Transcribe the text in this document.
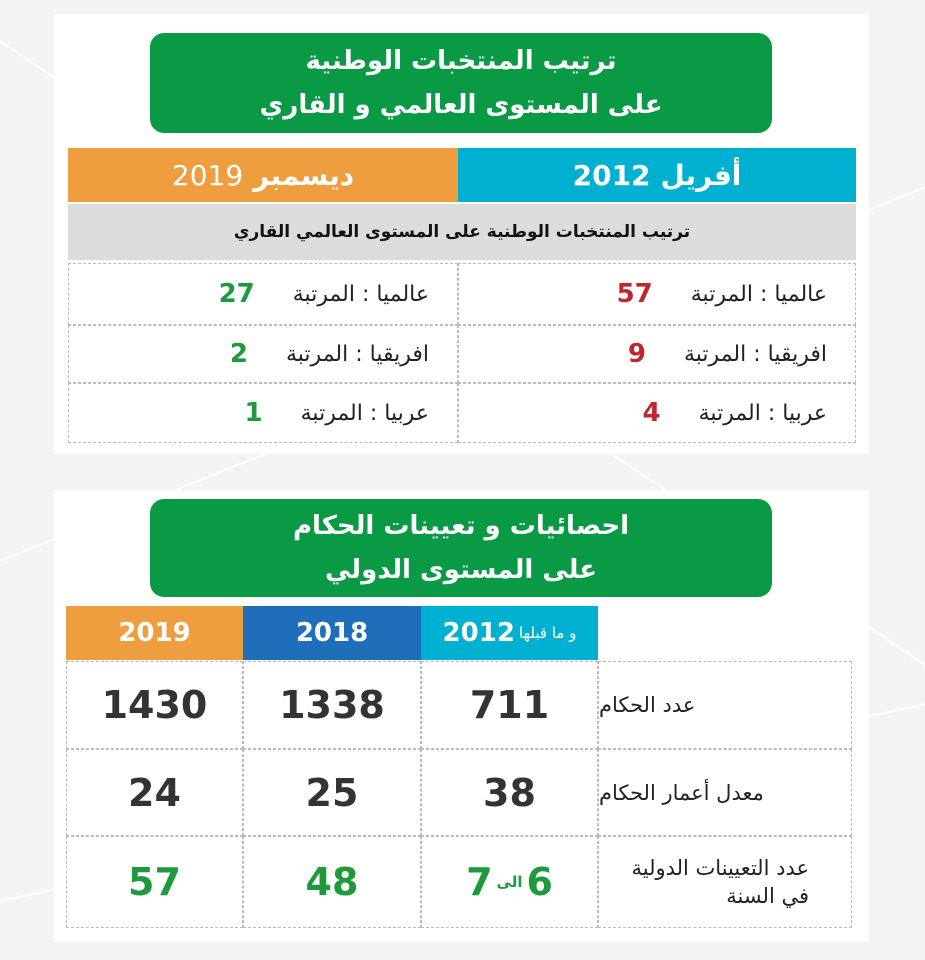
ترتيب المنتخبات الوطنية
على المستوى العالمي و القاري
أفريل
2012
ديسمبر
2019
ترتيب المنتخبات الوطنية على المستوى العالمي القاري
عالميا : المرتبة
57
عالميا : المرتبة
27
افريقيا : المرتبة
9
افريقيا : المرتبة
2
عربيا : المرتبة
4
عربيا : المرتبة
1
احصائيات و تعيينات الحكام
على المستوى الدولي
و ما قبلها
2012
2018
2019
عدد الحكام
711
1338
1430
معدل أعمار الحكام
38
25
24
عدد التعيينات الدولية في السنة
6
الى
7
48
57
